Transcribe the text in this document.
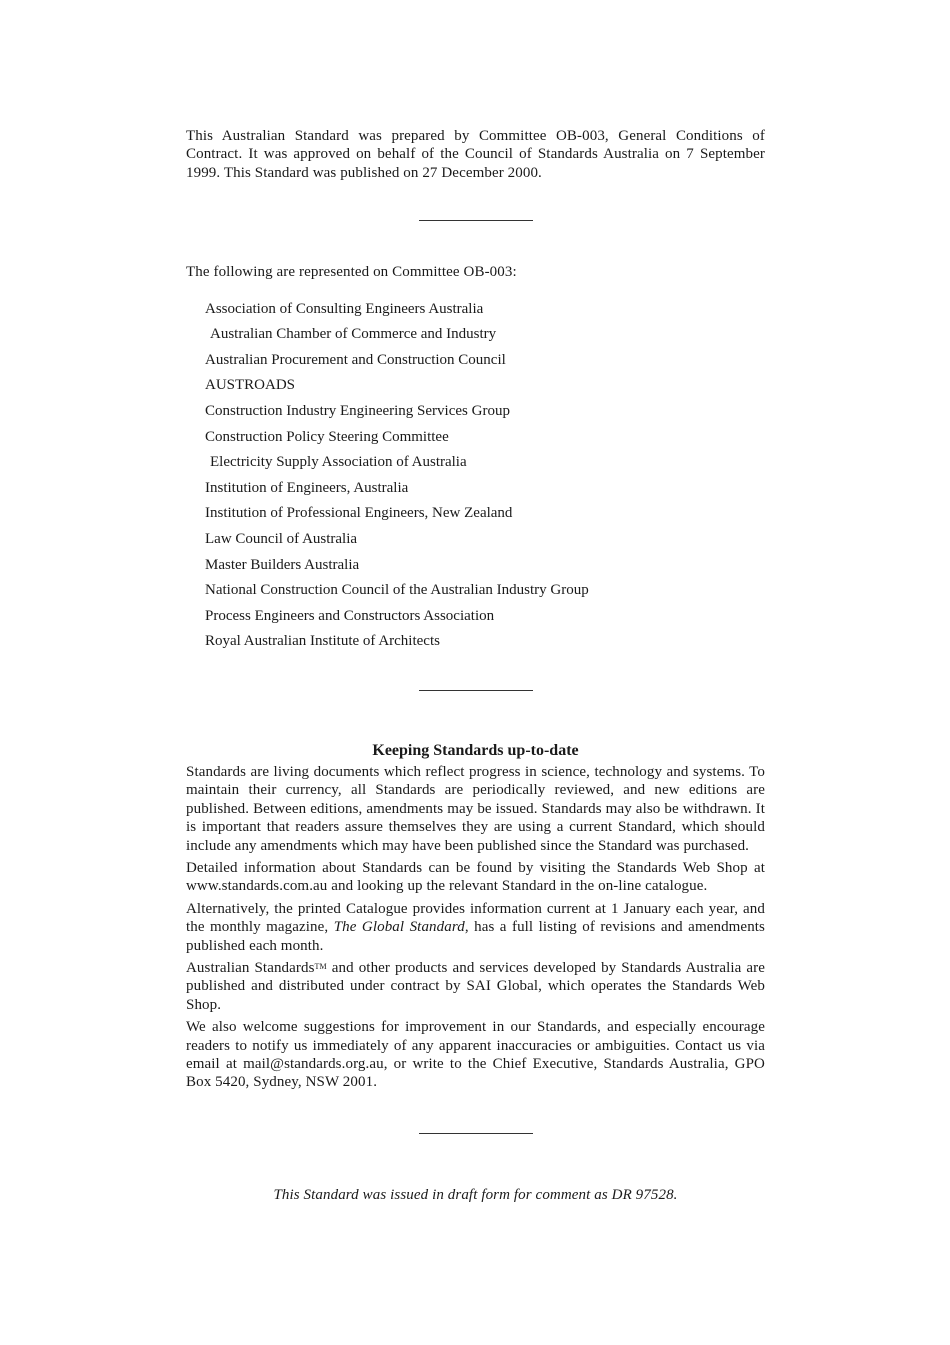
This Australian Standard was prepared by Committee OB-003, General Conditions of Contract. It was approved on behalf of the Council of Standards Australia on 7 September 1999. This Standard was published on 27 December 2000.

The following are represented on Committee OB-003:

Association of Consulting Engineers Australia
Australian Chamber of Commerce and Industry
Australian Procurement and Construction Council
AUSTROADS
Construction Industry Engineering Services Group
Construction Policy Steering Committee
Electricity Supply Association of Australia
Institution of Engineers, Australia
Institution of Professional Engineers, New Zealand
Law Council of Australia
Master Builders Australia
National Construction Council of the Australian Industry Group
Process Engineers and Constructors Association
Royal Australian Institute of Architects
Keeping Standards up-to-date

Standards are living documents which reflect progress in science, technology and systems. To maintain their currency, all Standards are periodically reviewed, and new editions are published. Between editions, amendments may be issued. Standards may also be withdrawn. It is important that readers assure themselves they are using a current Standard, which should include any amendments which may have been published since the Standard was purchased.

Detailed information about Standards can be found by visiting the Standards Web Shop at www.standards.com.au and looking up the relevant Standard in the on-line catalogue.

Alternatively, the printed Catalogue provides information current at 1 January each year, and the monthly magazine, The Global Standard, has a full listing of revisions and amendments published each month.

Australian Standards™ and other products and services developed by Standards Australia are published and distributed under contract by SAI Global, which operates the Standards Web Shop.

We also welcome suggestions for improvement in our Standards, and especially encourage readers to notify us immediately of any apparent inaccuracies or ambiguities. Contact us via email at mail@standards.org.au, or write to the Chief Executive, Standards Australia, GPO Box 5420, Sydney, NSW 2001.

This Standard was issued in draft form for comment as DR 97528.
